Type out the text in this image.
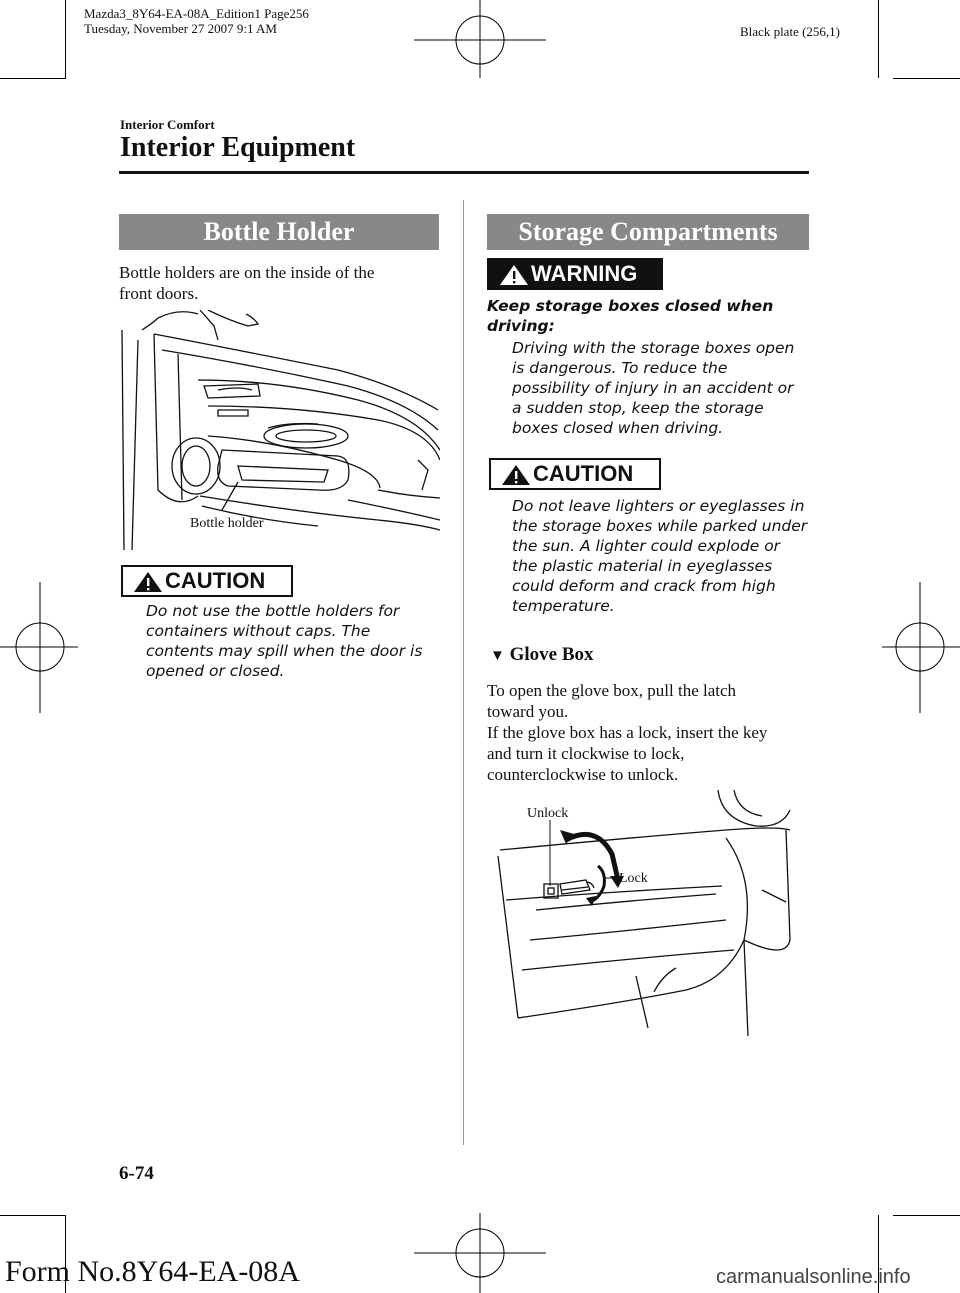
Mazda3_8Y64-EA-08A_Edition1 Page256
Tuesday, November 27 2007 9:1 AM	Black plate (256,1)
Interior Comfort
Interior Equipment
Bottle Holder
Bottle holders are on the inside of the
front doors.
Bottle holder
CAUTION
Do not use the bottle holders for
containers without caps. The
contents may spill when the door is
opened or closed.
Storage Compartments
WARNING
Keep storage boxes closed when
driving:
Driving with the storage boxes open
is dangerous. To reduce the
possibility of injury in an accident or
a sudden stop, keep the storage
boxes closed when driving.
CAUTION
Do not leave lighters or eyeglasses in
the storage boxes while parked under
the sun. A lighter could explode or
the plastic material in eyeglasses
could deform and crack from high
temperature.
▼ Glove Box
To open the glove box, pull the latch
toward you.
If the glove box has a lock, insert the key
and turn it clockwise to lock,
counterclockwise to unlock.
Unlock
Lock
6-74
Form No.8Y64-EA-08A	carmanualsonline.info
